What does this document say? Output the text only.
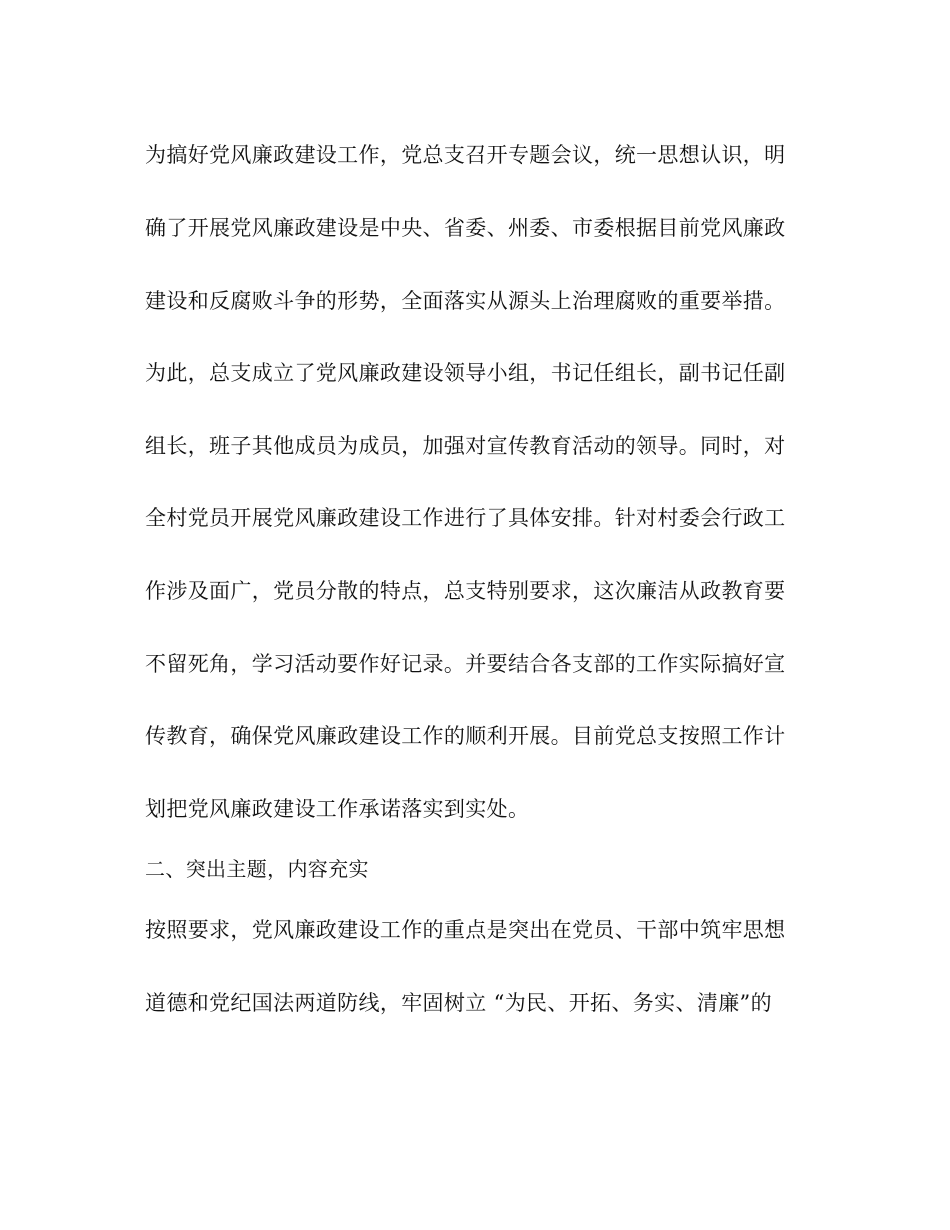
为搞好党风廉政建设工作，党总支召开专题会议，统一思想认识，明
确了开展党风廉政建设是中央、省委、州委、市委根据目前党风廉政
建设和反腐败斗争的形势，全面落实从源头上治理腐败的重要举措。
为此，总支成立了党风廉政建设领导小组，书记任组长，副书记任副
组长，班子其他成员为成员，加强对宣传教育活动的领导。同时，对
全村党员开展党风廉政建设工作进行了具体安排。针对村委会行政工
作涉及面广，党员分散的特点，总支特别要求，这次廉洁从政教育要
不留死角，学习活动要作好记录。并要结合各支部的工作实际搞好宣
传教育，确保党风廉政建设工作的顺利开展。目前党总支按照工作计
划把党风廉政建设工作承诺落实到实处。
二、突出主题，内容充实
按照要求，党风廉政建设工作的重点是突出在党员、干部中筑牢思想
道德和党纪国法两道防线，牢固树立 “为民、开拓、务实、清廉”的
